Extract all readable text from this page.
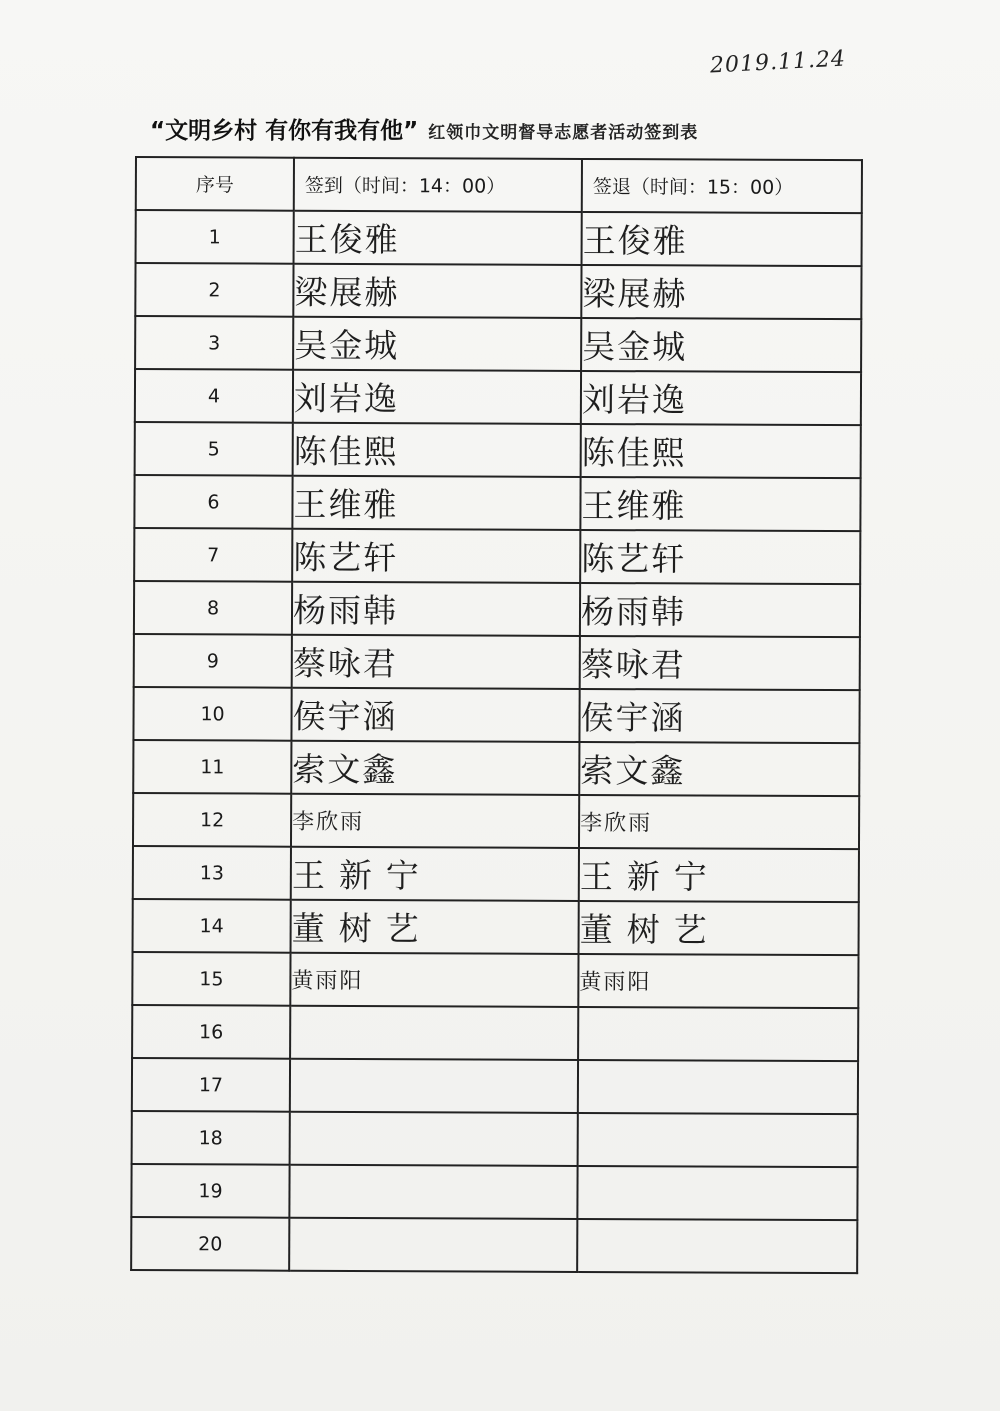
2019.11.24
“文明乡村 有你有我有他” 红领巾文明督导志愿者活动签到表
序号	签到（时间：14：00）	签退（时间：15：00）
1	王俊雅	王俊雅
2	梁展赫	梁展赫
3	吴金城	吴金城
4	刘岩逸	刘岩逸
5	陈佳熙	陈佳熙
6	王维雅	王维雅
7	陈艺轩	陈艺轩
8	杨雨韩	杨雨韩
9	蔡咏君	蔡咏君
10	侯宇涵	侯宇涵
11	索文鑫	索文鑫
12	李欣雨	李欣雨
13	王新宁	王新宁
14	董树艺	董树艺
15	黄雨阳	黄雨阳
16		
17		
18		
19		
20		
